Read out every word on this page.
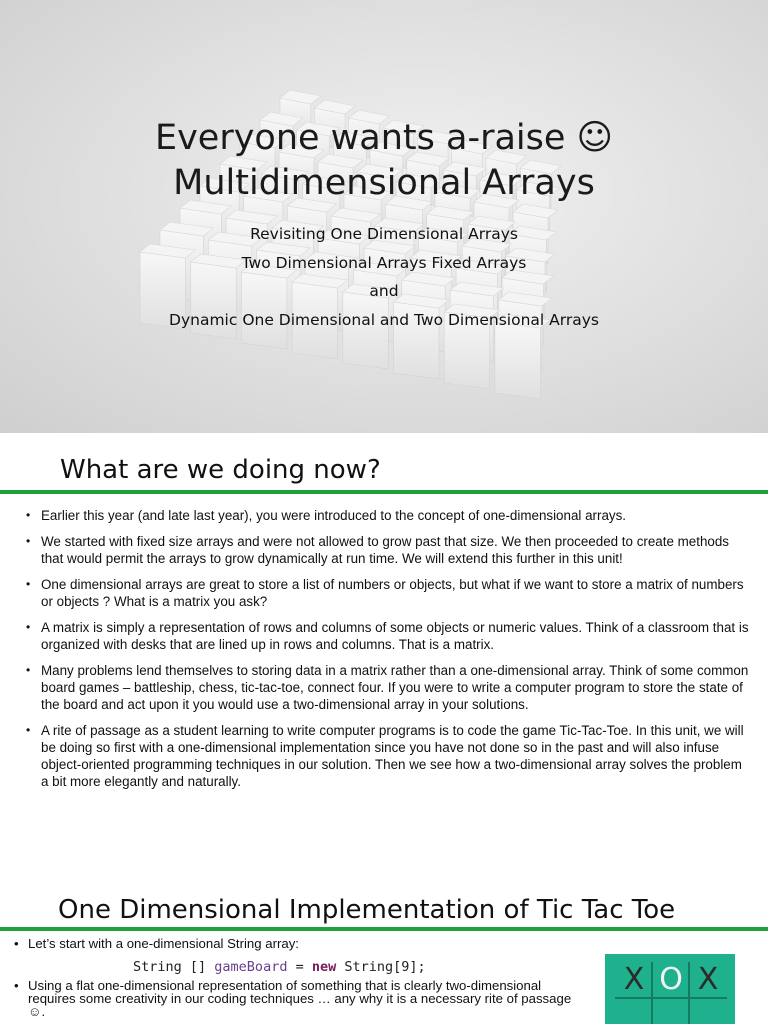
Everyone wants a-raise ☺
Multidimensional Arrays
Revisiting One Dimensional Arrays
Two Dimensional Arrays Fixed Arrays
and
Dynamic One Dimensional and Two Dimensional Arrays
What are we doing now?
• Earlier this year (and late last year), you were introduced to the concept of one-dimensional arrays.
• We started with fixed size arrays and were not allowed to grow past that size. We then proceeded to create methods that would permit the arrays to grow dynamically at run time. We will extend this further in this unit!
• One dimensional arrays are great to store a list of numbers or objects, but what if we want to store a matrix of numbers or objects ? What is a matrix you ask?
• A matrix is simply a representation of rows and columns of some objects or numeric values. Think of a classroom that is organized with desks that are lined up in rows and columns. That is a matrix.
• Many problems lend themselves to storing data in a matrix rather than a one-dimensional array. Think of some common board games – battleship, chess, tic-tac-toe, connect four. If you were to write a computer program to store the state of the board and act upon it you would use a two-dimensional array in your solutions.
• A rite of passage as a student learning to write computer programs is to code the game Tic-Tac-Toe. In this unit, we will be doing so first with a one-dimensional implementation since you have not done so in the past and will also infuse object-oriented programming techniques in our solution. Then we see how a two-dimensional array solves the problem a bit more elegantly and naturally.
One Dimensional Implementation of Tic Tac Toe
• Let’s start with a one-dimensional String array:
String [] gameBoard = new String[9];
• Using a flat one-dimensional representation of something that is clearly two-dimensional requires some creativity in our coding techniques … any why it is a necessary rite of passage ☺.
X O X
